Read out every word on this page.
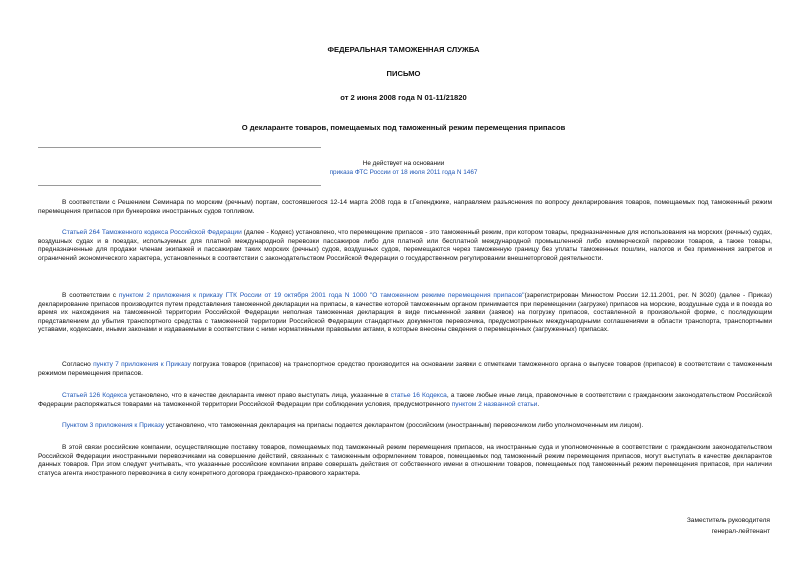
ФЕДЕРАЛЬНАЯ ТАМОЖЕННАЯ СЛУЖБА
ПИСЬМО
от 2 июня 2008 года N 01-11/21820
О декларанте товаров, помещаемых под таможенный режим перемещения припасов
Не действует на основании
приказа ФТС России от 18 июля 2011 года N 1467
В соответствии с Решением Семинара по морским (речным) портам, состоявшегося 12-14 марта 2008 года в г.Геленджике, направляем разъяснения по вопросу декларирования товаров, помещаемых под таможенный режим перемещения припасов при бункеровке иностранных судов топливом.
Статьей 264 Таможенного кодекса Российской Федерации (далее - Кодекс) установлено, что перемещение припасов - это таможенный режим, при котором товары, предназначенные для использования на морских (речных) судах, воздушных судах и в поездах, используемых для платной международной перевозки пассажиров либо для платной или бесплатной международной промышленной либо коммерческой перевозки товаров, а также товары, предназначенные для продажи членам экипажей и пассажирам таких морских (речных) судов, воздушных судов, перемещаются через таможенную границу без уплаты таможенных пошлин, налогов и без применения запретов и ограничений экономического характера, установленных в соответствии с законодательством Российской Федерации о государственном регулировании внешнеторговой деятельности.
В соответствии с пунктом 2 приложения к приказу ГТК России от 19 октября 2001 года N 1000 "О таможенном режиме перемещения припасов"(зарегистрирован Минюстом России 12.11.2001, рег. N 3020) (далее - Приказ) декларирование припасов производится путем представления таможенной декларации на припасы, в качестве которой таможенным органом принимается при перемещении (загрузке) припасов на морские, воздушные суда и в поезда во время их нахождения на таможенной территории Российской Федерации неполная таможенная декларация в виде письменной заявки (заявок) на погрузку припасов, составленной в произвольной форме, с последующим представлением до убытия транспортного средства с таможенной территории Российской Федерации стандартных документов перевозчика, предусмотренных международными соглашениями в области транспорта, транспортными уставами, кодексами, иными законами и издаваемыми в соответствии с ними нормативными правовыми актами, в которые внесены сведения о перемещенных (загруженных) припасах.
Согласно пункту 7 приложения к Приказу погрузка товаров (припасов) на транспортное средство производится на основании заявки с отметками таможенного органа о выпуске товаров (припасов) в соответствии с таможенным режимом перемещения припасов.
Статьей 126 Кодекса установлено, что в качестве декларанта имеют право выступать лица, указанные в статье 16 Кодекса, а также любые иные лица, правомочные в соответствии с гражданским законодательством Российской Федерации распоряжаться товарами на таможенной территории Российской Федерации при соблюдении условия, предусмотренного пунктом 2 названной статьи.
Пунктом 3 приложения к Приказу установлено, что таможенная декларация на припасы подается декларантом (российским (иностранным) перевозчиком либо уполномоченным им лицом).
В этой связи российские компании, осуществляющие поставку товаров, помещаемых под таможенный режим перемещения припасов, на иностранные суда и уполномоченные в соответствии с гражданским законодательством Российской Федерации иностранными перевозчиками на совершение действий, связанных с таможенным оформлением товаров, помещаемых под таможенный режим перемещения припасов, могут выступать в качестве декларантов данных товаров. При этом следует учитывать, что указанные российские компании вправе совершать действия от собственного имени в отношении товаров, помещаемых под таможенный режим перемещения припасов, при наличии статуса агента иностранного перевозчика в силу конкретного договора гражданско-правового характера.
Заместитель руководителя
генерал-лейтенант
